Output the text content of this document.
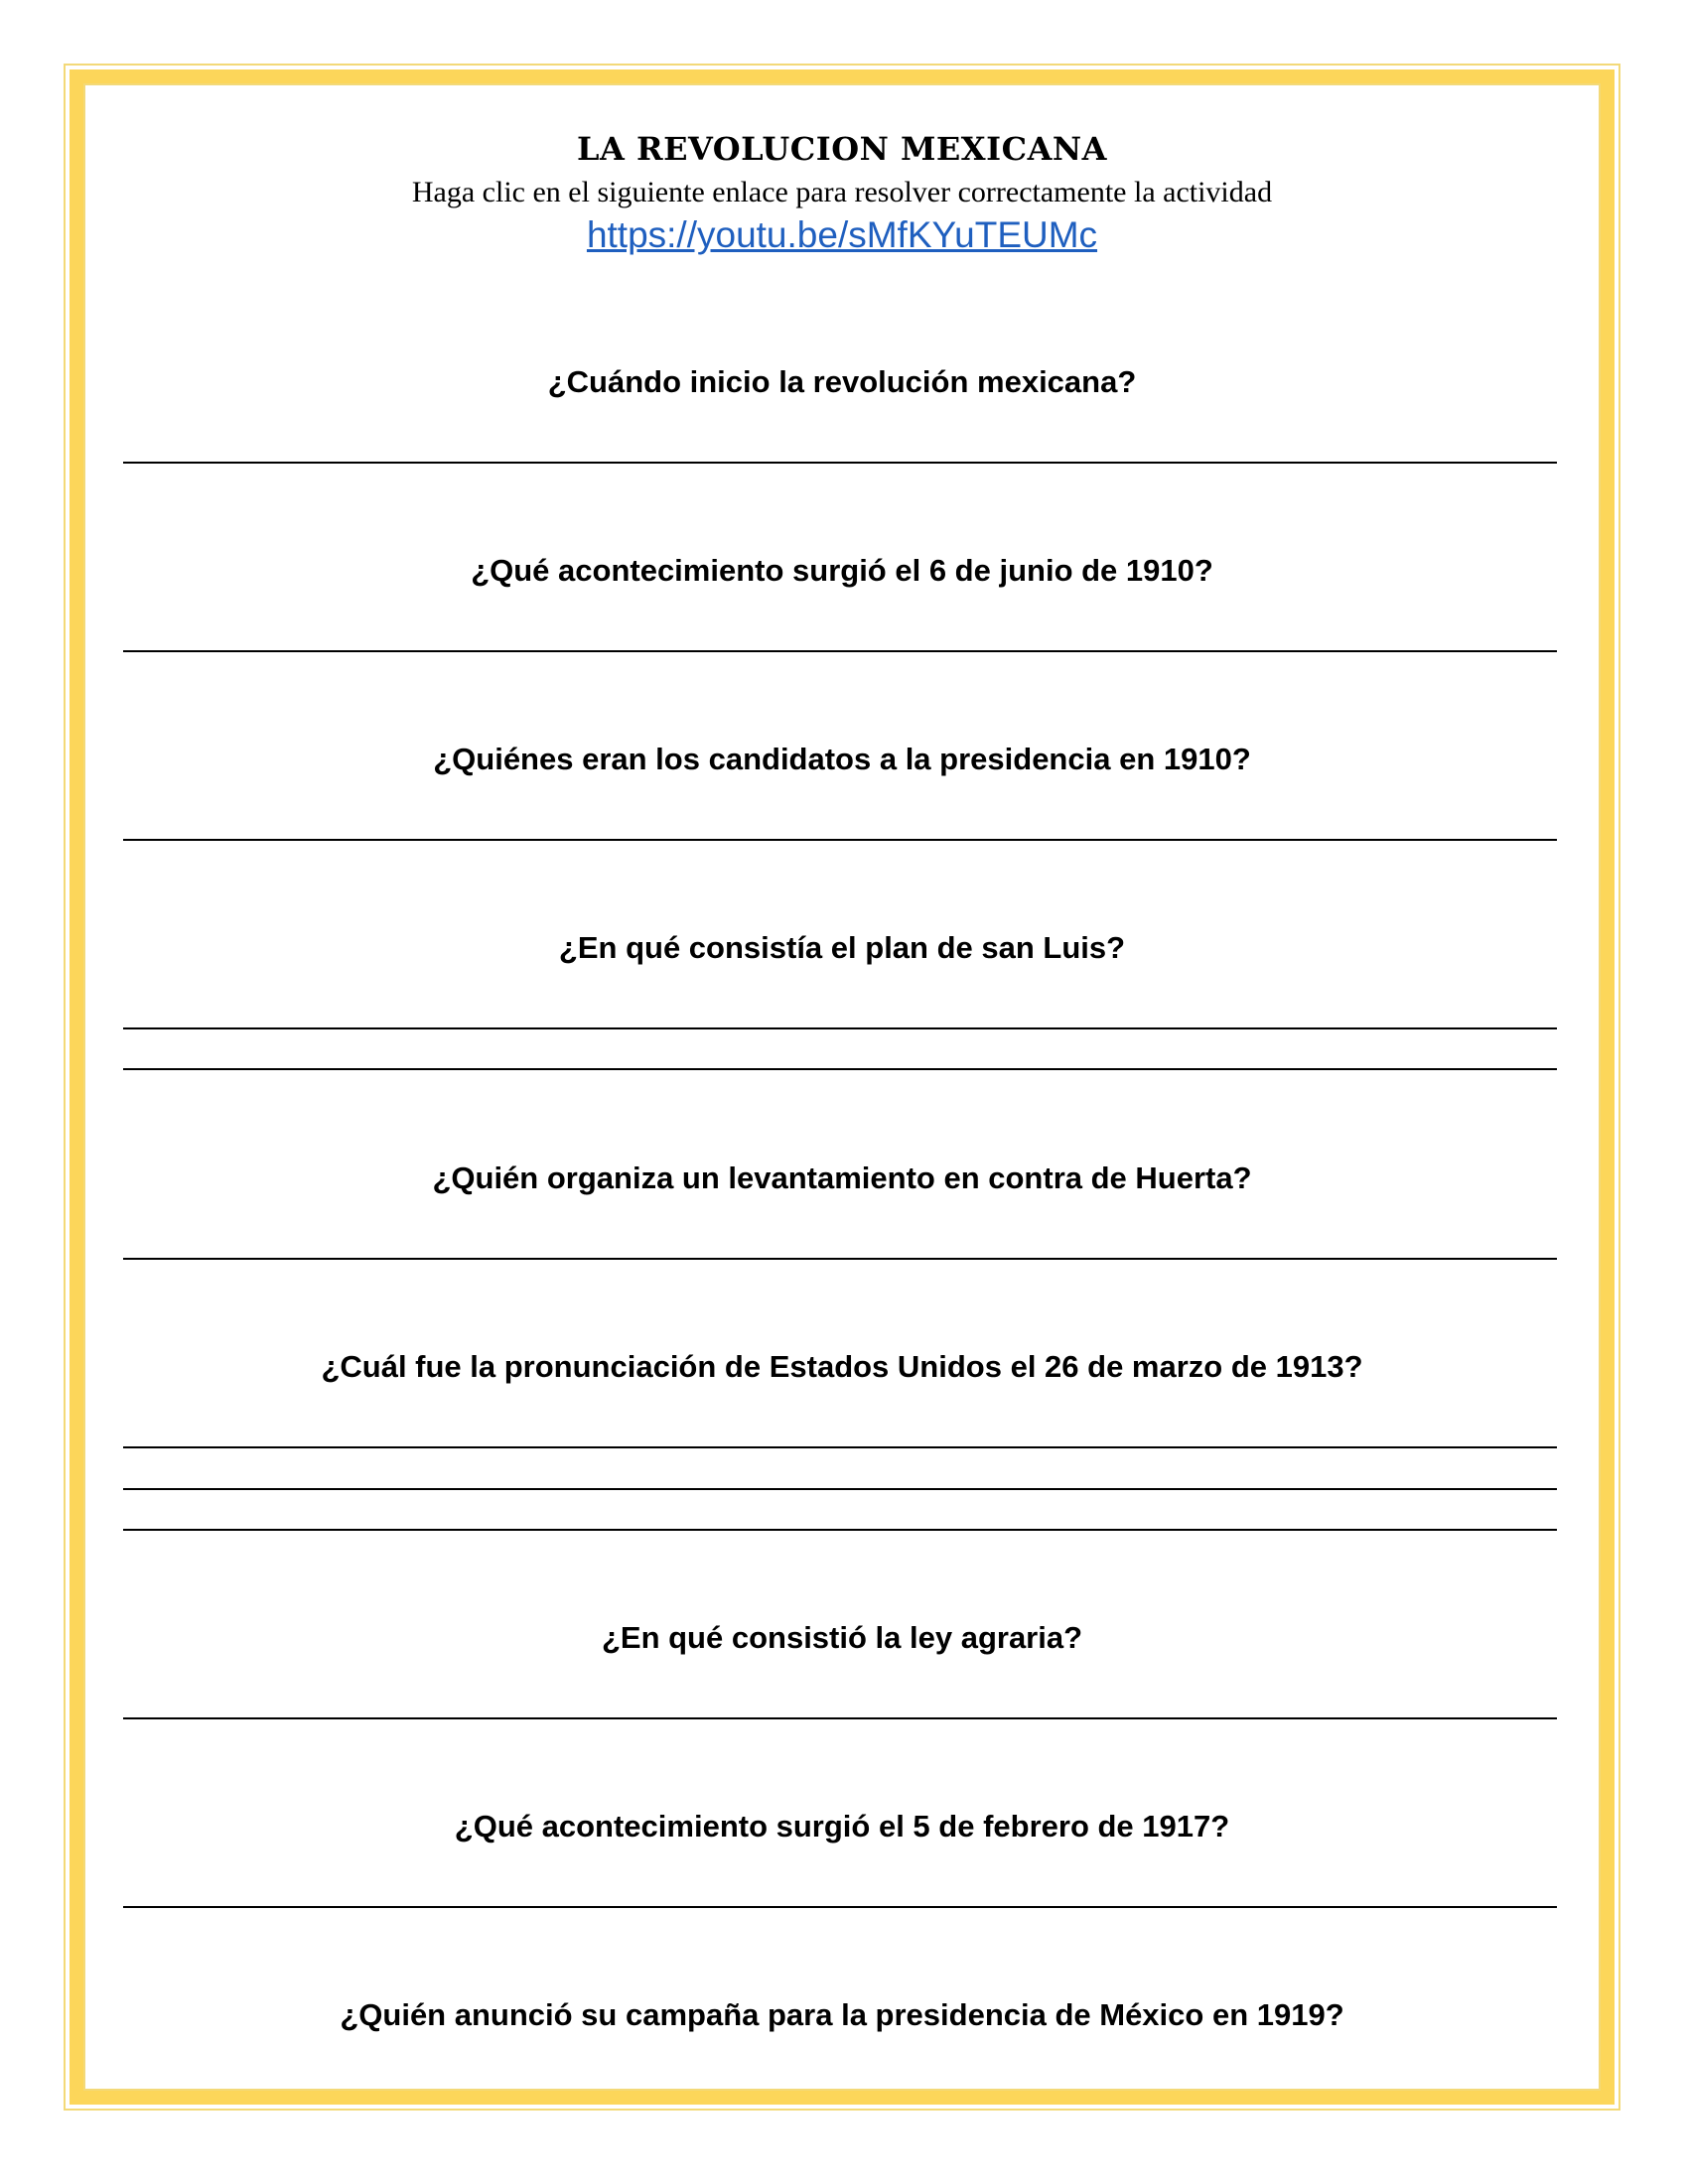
LA REVOLUCION MEXICANA
Haga clic en el siguiente enlace para resolver correctamente la actividad
https://youtu.be/sMfKYuTEUMc
¿Cuándo inicio la revolución mexicana?
¿Qué acontecimiento surgió el 6 de junio de 1910?
¿Quiénes eran los candidatos a la presidencia en 1910?
¿En qué consistía el plan de san Luis?
¿Quién organiza un levantamiento en contra de Huerta?
¿Cuál fue la pronunciación de Estados Unidos el 26 de marzo de 1913?
¿En qué consistió la ley agraria?
¿Qué acontecimiento surgió el 5 de febrero de 1917?
¿Quién anunció su campaña para la presidencia de México en 1919?
